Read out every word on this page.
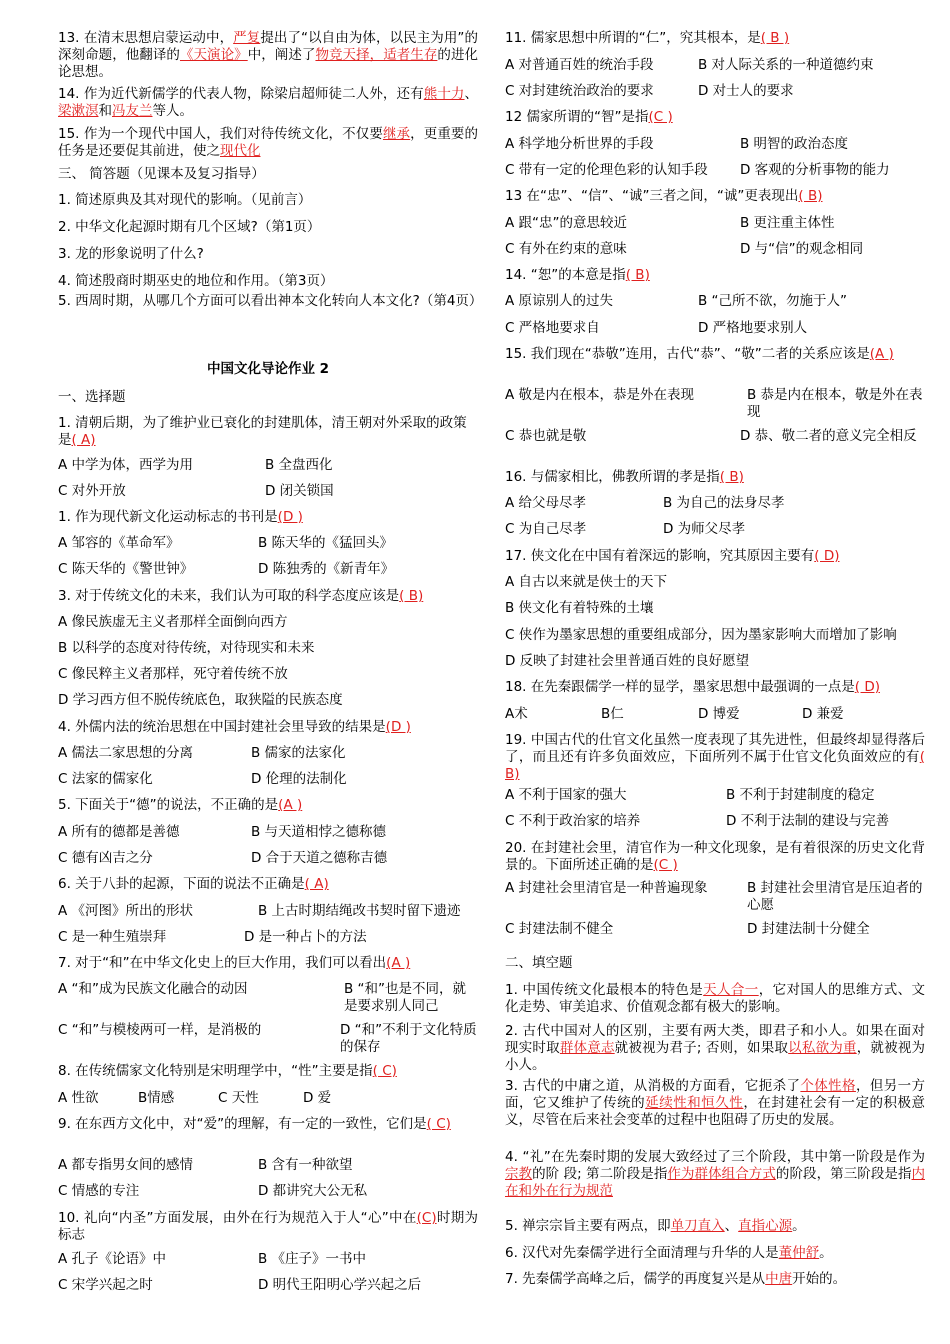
13. 在清末思想启蒙运动中，严复提出了“以自由为体，以民主为用”的深刻命题，他翻译的《天演论》中，阐述了物竞天择，适者生存的进化论思想。
14. 作为近代新儒学的代表人物，除梁启超师徒二人外，还有熊十力、梁漱溟和冯友兰等人。
15. 作为一个现代中国人，我们对待传统文化，不仅要继承，更重要的任务是还要促其前进，使之现代化
三、 简答题（见课本及复习指导）
1. 简述原典及其对现代的影响。（见前言）
2. 中华文化起源时期有几个区域?（第1页）
3. 龙的形象说明了什么?
4. 简述殷商时期巫史的地位和作用。（第3页）
5. 西周时期，从哪几个方面可以看出神本文化转向人本文化?（第4页）
中国文化导论作业 2
一、选择题
1. 清朝后期，为了维护业已衰化的封建肌体，清王朝对外采取的政策是( A)
A 中学为体，西学为用	B 全盘西化
C 对外开放	D 闭关锁国
1. 作为现代新文化运动标志的书刊是(D )
A 邹容的《革命军》	B 陈天华的《猛回头》
C 陈天华的《警世钟》	D 陈独秀的《新青年》
3. 对于传统文化的未来，我们认为可取的科学态度应该是( B)
A 像民族虚无主义者那样全面倒向西方
B 以科学的态度对待传统，对待现实和未来
C 像民粹主义者那样，死守着传统不放
D 学习西方但不脱传统底色，取狭隘的民族态度
4. 外儒内法的统治思想在中国封建社会里导致的结果是(D )
A 儒法二家思想的分离	B 儒家的法家化
C 法家的儒家化	D 伦理的法制化
5. 下面关于“德”的说法，不正确的是(A )
A 所有的德都是善德	B 与天道相悖之德称德
C 德有凶吉之分	D 合于天道之德称吉德
6. 关于八卦的起源，下面的说法不正确是( A)
A 《河图》所出的形状	B 上古时期结绳改书契时留下遗迹
C 是一种生殖崇拜	D 是一种占卜的方法
7. 对于“和”在中华文化史上的巨大作用，我们可以看出(A )
A “和”成为民族文化融合的动因	B “和”也是不同，就是要求别人同己
C “和”与模棱两可一样，是消极的	D “和”不利于文化特质的保存
8. 在传统儒家文化特别是宋明理学中，“性”主要是指( C)
A 性欲	B情感	C 天性	D 爱
9. 在东西方文化中，对“爱”的理解，有一定的一致性，它们是( C)
A 都专指男女间的感情	B 含有一种欲望
C 情感的专注	D 都讲究大公无私
10. 礼向“内圣”方面发展，由外在行为规范入于人“心”中在(C)时期为标志
A 孔子《论语》中	B 《庄子》一书中
C 宋学兴起之时	D 明代王阳明心学兴起之后
11. 儒家思想中所谓的“仁”，究其根本，是( B )
A 对普通百姓的统治手段	B 对人际关系的一种道德约束
C 对封建统治政治的要求	D 对士人的要求
12 儒家所谓的“智”是指(C )
A 科学地分析世界的手段	B 明智的政治态度
C 带有一定的伦理色彩的认知手段 D 客观的分析事物的能力
13 在“忠”、“信”、“诚”三者之间，“诚”更表现出( B)
A 跟“忠”的意思较近	B 更注重主体性
C 有外在约束的意味	D 与“信”的观念相同
14. “恕”的本意是指( B)
A 原谅别人的过失	B “己所不欲，勿施于人”
C 严格地要求自	D 严格地要求别人
15. 我们现在“恭敬”连用，古代“恭”、“敬”二者的关系应该是(A )
A 敬是内在根本，恭是外在表现	B 恭是内在根本，敬是外在表现
C 恭也就是敬	D 恭、敬二者的意义完全相反
16. 与儒家相比，佛教所谓的孝是指( B)
A 给父母尽孝	B 为自己的法身尽孝
C 为自己尽孝	D 为师父尽孝
17. 侠文化在中国有着深远的影响，究其原因主要有( D)
A 自古以来就是侠士的天下
B 侠文化有着特殊的土壤
C 侠作为墨家思想的重要组成部分，因为墨家影响大而增加了影响
D 反映了封建社会里普通百姓的良好愿望
18. 在先秦跟儒学一样的显学，墨家思想中最强调的一点是( D)
A术	B仁	D 博爱	D 兼爱
19. 中国古代的仕官文化虽然一度表现了其先进性，但最终却显得落后了，而且还有许多负面效应，下面所列不属于仕官文化负面效应的有( B)
A 不利于国家的强大	B 不利于封建制度的稳定
C 不利于政治家的培养	D 不利于法制的建设与完善
20. 在封建社会里，清官作为一种文化现象，是有着很深的历史文化背景的。下面所述正确的是(C )
A 封建社会里清官是一种普遍现象	B 封建社会里清官是压迫者的心愿
C 封建法制不健全	D 封建法制十分健全
二、填空题
1. 中国传统文化最根本的特色是天人合一，它对国人的思维方式、文化走势、审美追求、价值观念都有极大的影响。
2. 古代中国对人的区别，主要有两大类，即君子和小人。如果在面对现实时取群体意志就被视为君子; 否则，如果取以私欲为重，就被视为小人。
3. 古代的中庸之道，从消极的方面看，它扼杀了个体性格，但另一方面，它又维护了传统的延续性和恒久性，在封建社会有一定的积极意义，尽管在后来社会变革的过程中也阻碍了历史的发展。
4. “礼”在先秦时期的发展大致经过了三个阶段，其中第一阶段是作为宗教的阶 段; 第二阶段是指作为群体组合方式的阶段，第三阶段是指内在和外在行为规范
5. 禅宗宗旨主要有两点，即单刀直入、直指心源。
6. 汉代对先秦儒学进行全面清理与升华的人是董仲舒。
7. 先秦儒学高峰之后，儒学的再度复兴是从中唐开始的。
